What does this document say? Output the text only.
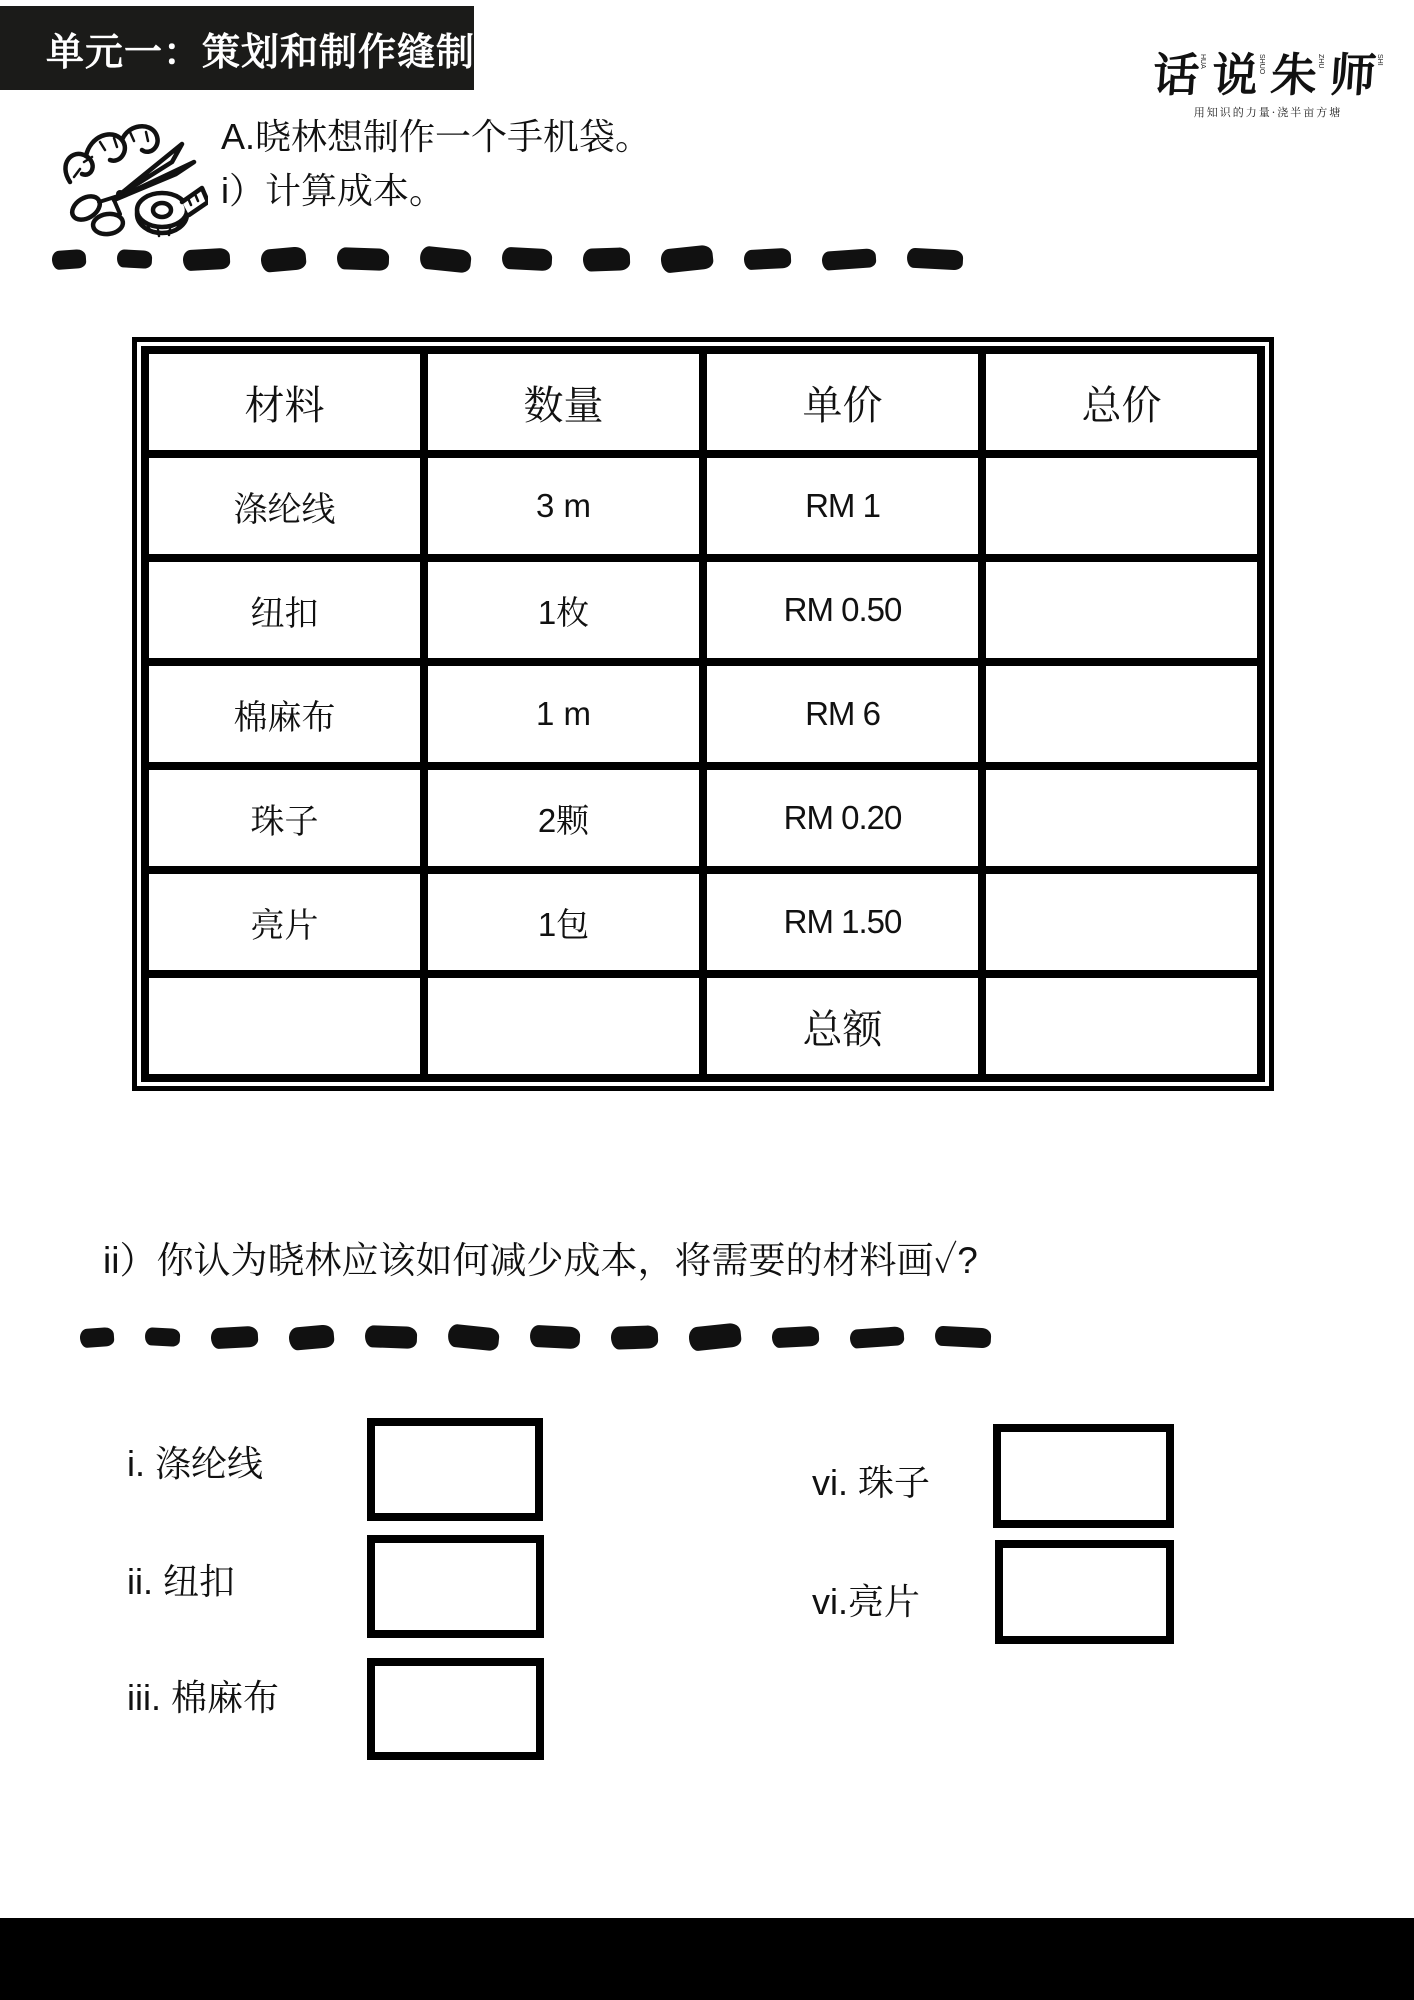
单元一：策划和制作缝制品	话
HUA 说
SHUO 朱
ZHU 师
SHI
用知识的力量·浇半亩方塘
A.晓林想制作一个手机袋。
i）计算成本。
材料	数量	单价	总价
涤纶线	3 m	RM 1	
纽扣	1枚	RM 0.50	
棉麻布	1 m	RM 6	
珠子	2颗	RM 0.20	
亮片	1包	RM 1.50	
		总额	
ii）你认为晓林应该如何减少成本，将需要的材料画✓?
i. 涤纶线
ii. 纽扣
iii. 棉麻布
vi. 珠子
vi.亮片
